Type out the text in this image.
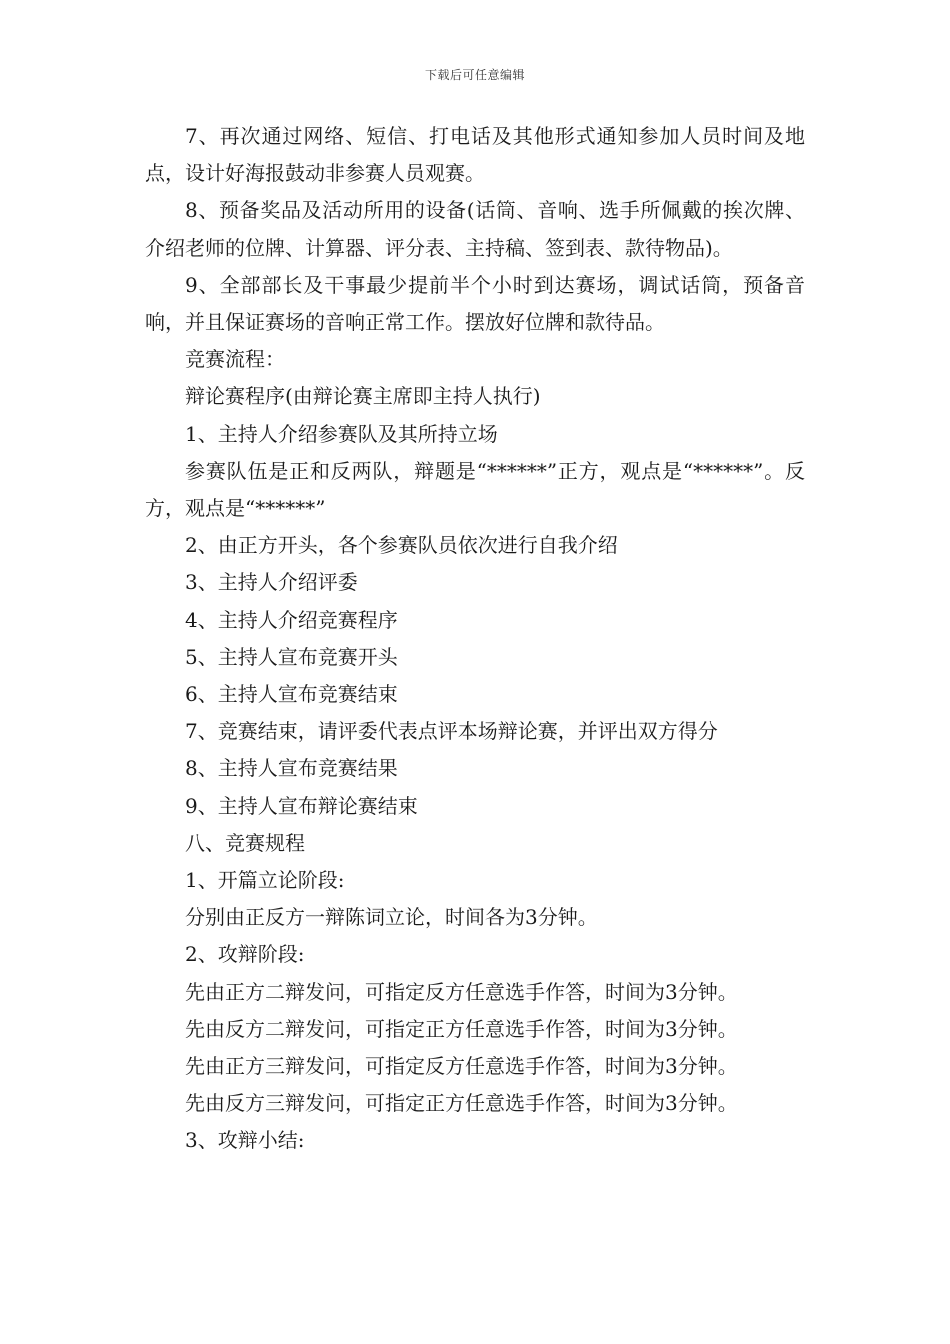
下载后可任意编辑

7、再次通过网络、短信、打电话及其他形式通知参加人员时间及地点，设计好海报鼓动非参赛人员观赛。

8、预备奖品及活动所用的设备(话筒、音响、选手所佩戴的挨次牌、介绍老师的位牌、计算器、评分表、主持稿、签到表、款待物品)。

9、全部部长及干事最少提前半个小时到达赛场，调试话筒，预备音响，并且保证赛场的音响正常工作。摆放好位牌和款待品。

竞赛流程：

辩论赛程序(由辩论赛主席即主持人执行)

1、主持人介绍参赛队及其所持立场

参赛队伍是正和反两队，辩题是“******”正方，观点是“******”。反方，观点是“******”

2、由正方开头，各个参赛队员依次进行自我介绍

3、主持人介绍评委

4、主持人介绍竞赛程序

5、主持人宣布竞赛开头

6、主持人宣布竞赛结束

7、竞赛结束，请评委代表点评本场辩论赛，并评出双方得分

8、主持人宣布竞赛结果

9、主持人宣布辩论赛结束

八、竞赛规程

1、开篇立论阶段:

分别由正反方一辩陈词立论，时间各为3分钟。

2、攻辩阶段:

先由正方二辩发问，可指定反方任意选手作答，时间为3分钟。

先由反方二辩发问，可指定正方任意选手作答，时间为3分钟。

先由正方三辩发问，可指定反方任意选手作答，时间为3分钟。

先由反方三辩发问，可指定正方任意选手作答，时间为3分钟。

3、攻辩小结:
